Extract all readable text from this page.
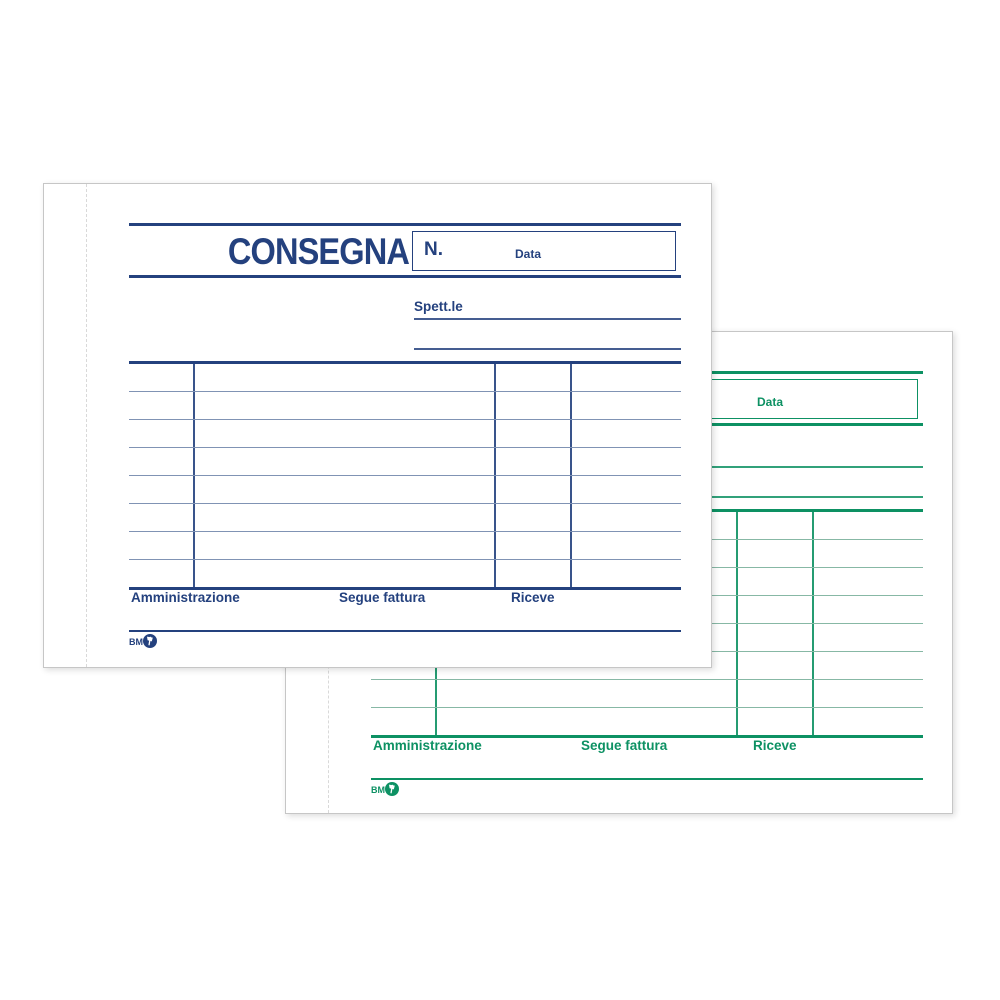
Data
Amministrazione	Segue fattura	Riceve
BM
CONSEGNA N.	Data
Spett.le
Amministrazione	Segue fattura	Riceve
BM
